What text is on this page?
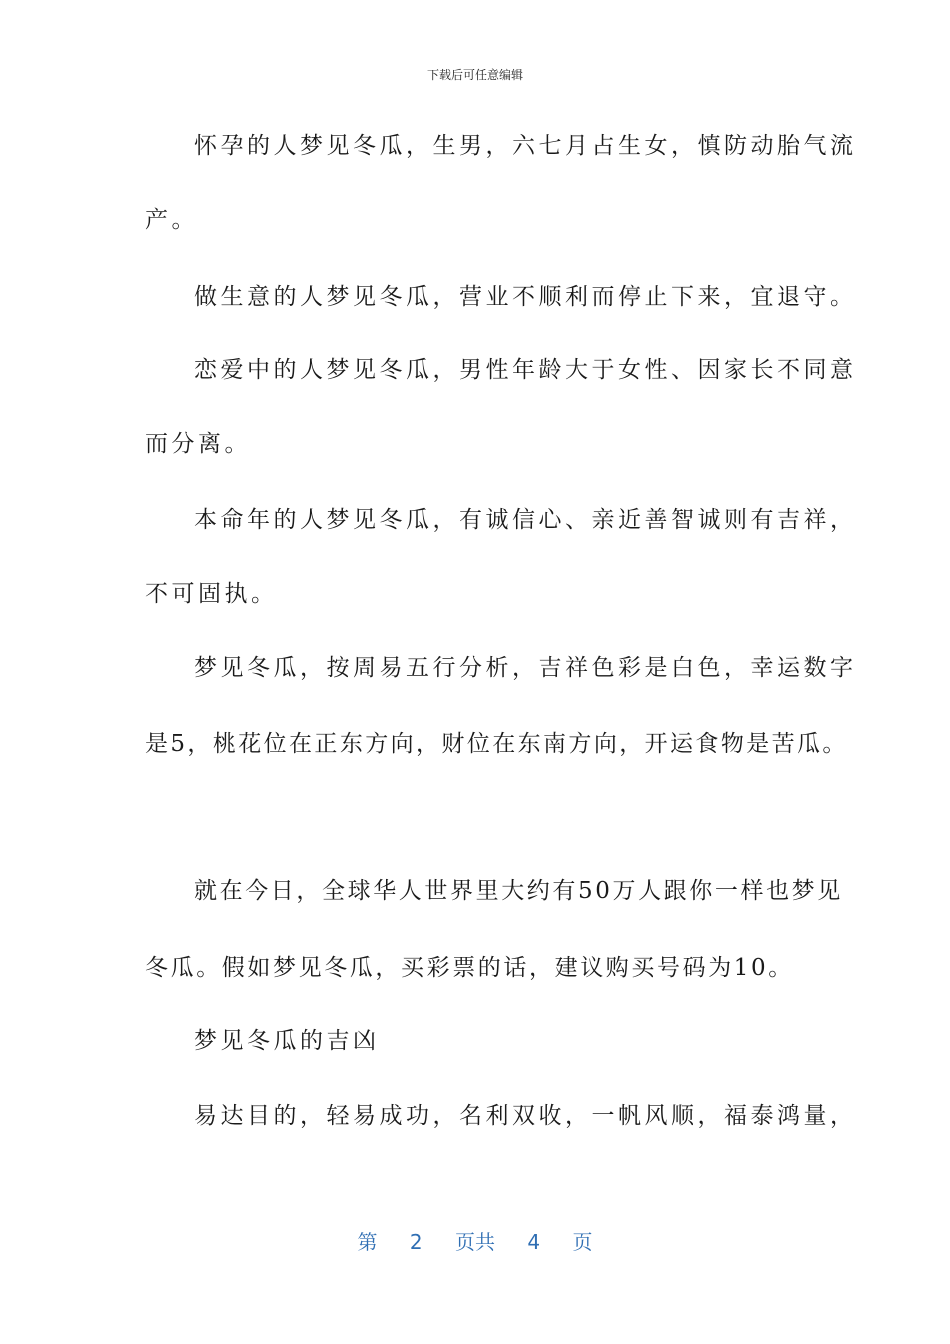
下载后可任意编辑
怀孕的人梦见冬瓜，生男，六七月占生女，慎防动胎气流
产。
做生意的人梦见冬瓜，营业不顺利而停止下来，宜退守。
恋爱中的人梦见冬瓜，男性年龄大于女性、因家长不同意
而分离。
本命年的人梦见冬瓜，有诚信心、亲近善智诚则有吉祥，
不可固执。
梦见冬瓜，按周易五行分析，吉祥色彩是白色，幸运数字
是5，桃花位在正东方向，财位在东南方向，开运食物是苦瓜。
就在今日，全球华人世界里大约有50万人跟你一样也梦见
冬瓜。假如梦见冬瓜，买彩票的话，建议购买号码为10。
梦见冬瓜的吉凶
易达目的，轻易成功，名利双收，一帆风顺，福泰鸿量，
第 2 页共 4 页
